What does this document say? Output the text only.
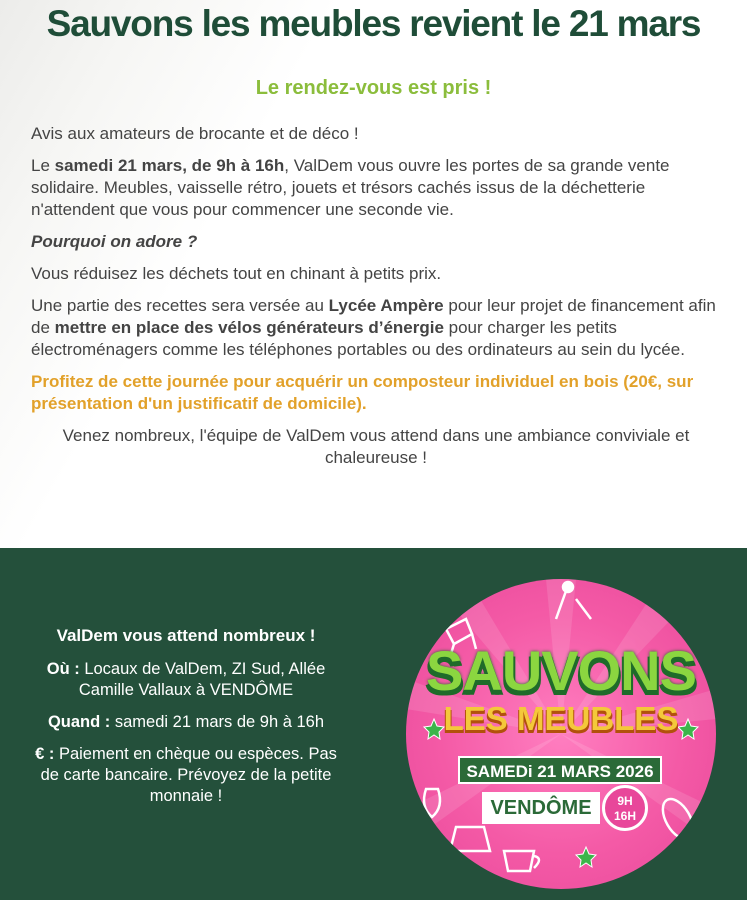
Sauvons les meubles revient le 21 mars
Le rendez-vous est pris !

Avis aux amateurs de brocante et de déco !

Le samedi 21 mars, de 9h à 16h, ValDem vous ouvre les portes de sa grande vente solidaire. Meubles, vaisselle rétro, jouets et trésors cachés issus de la déchetterie n'attendent que vous pour commencer une seconde vie.

Pourquoi on adore ?

Vous réduisez les déchets tout en chinant à petits prix.

Une partie des recettes sera versée au Lycée Ampère pour leur projet de financement afin de mettre en place des vélos générateurs d’énergie pour charger les petits électroménagers comme les téléphones portables ou des ordinateurs au sein du lycée.

Profitez de cette journée pour acquérir un composteur individuel en bois (20€, sur présentation d'un justificatif de domicile).

Venez nombreux, l'équipe de ValDem vous attend dans une ambiance conviviale et chaleureuse !

ValDem vous attend nombreux !

Où : Locaux de ValDem, ZI Sud, Allée Camille Vallaux à VENDÔME

Quand : samedi 21 mars de 9h à 16h

€ : Paiement en chèque ou espèces. Pas de carte bancaire. Prévoyez de la petite monnaie !

SAUVONS
LES MEUBLES
SAMEDi 21 MARS 2026
VENDÔME	9H
16H
